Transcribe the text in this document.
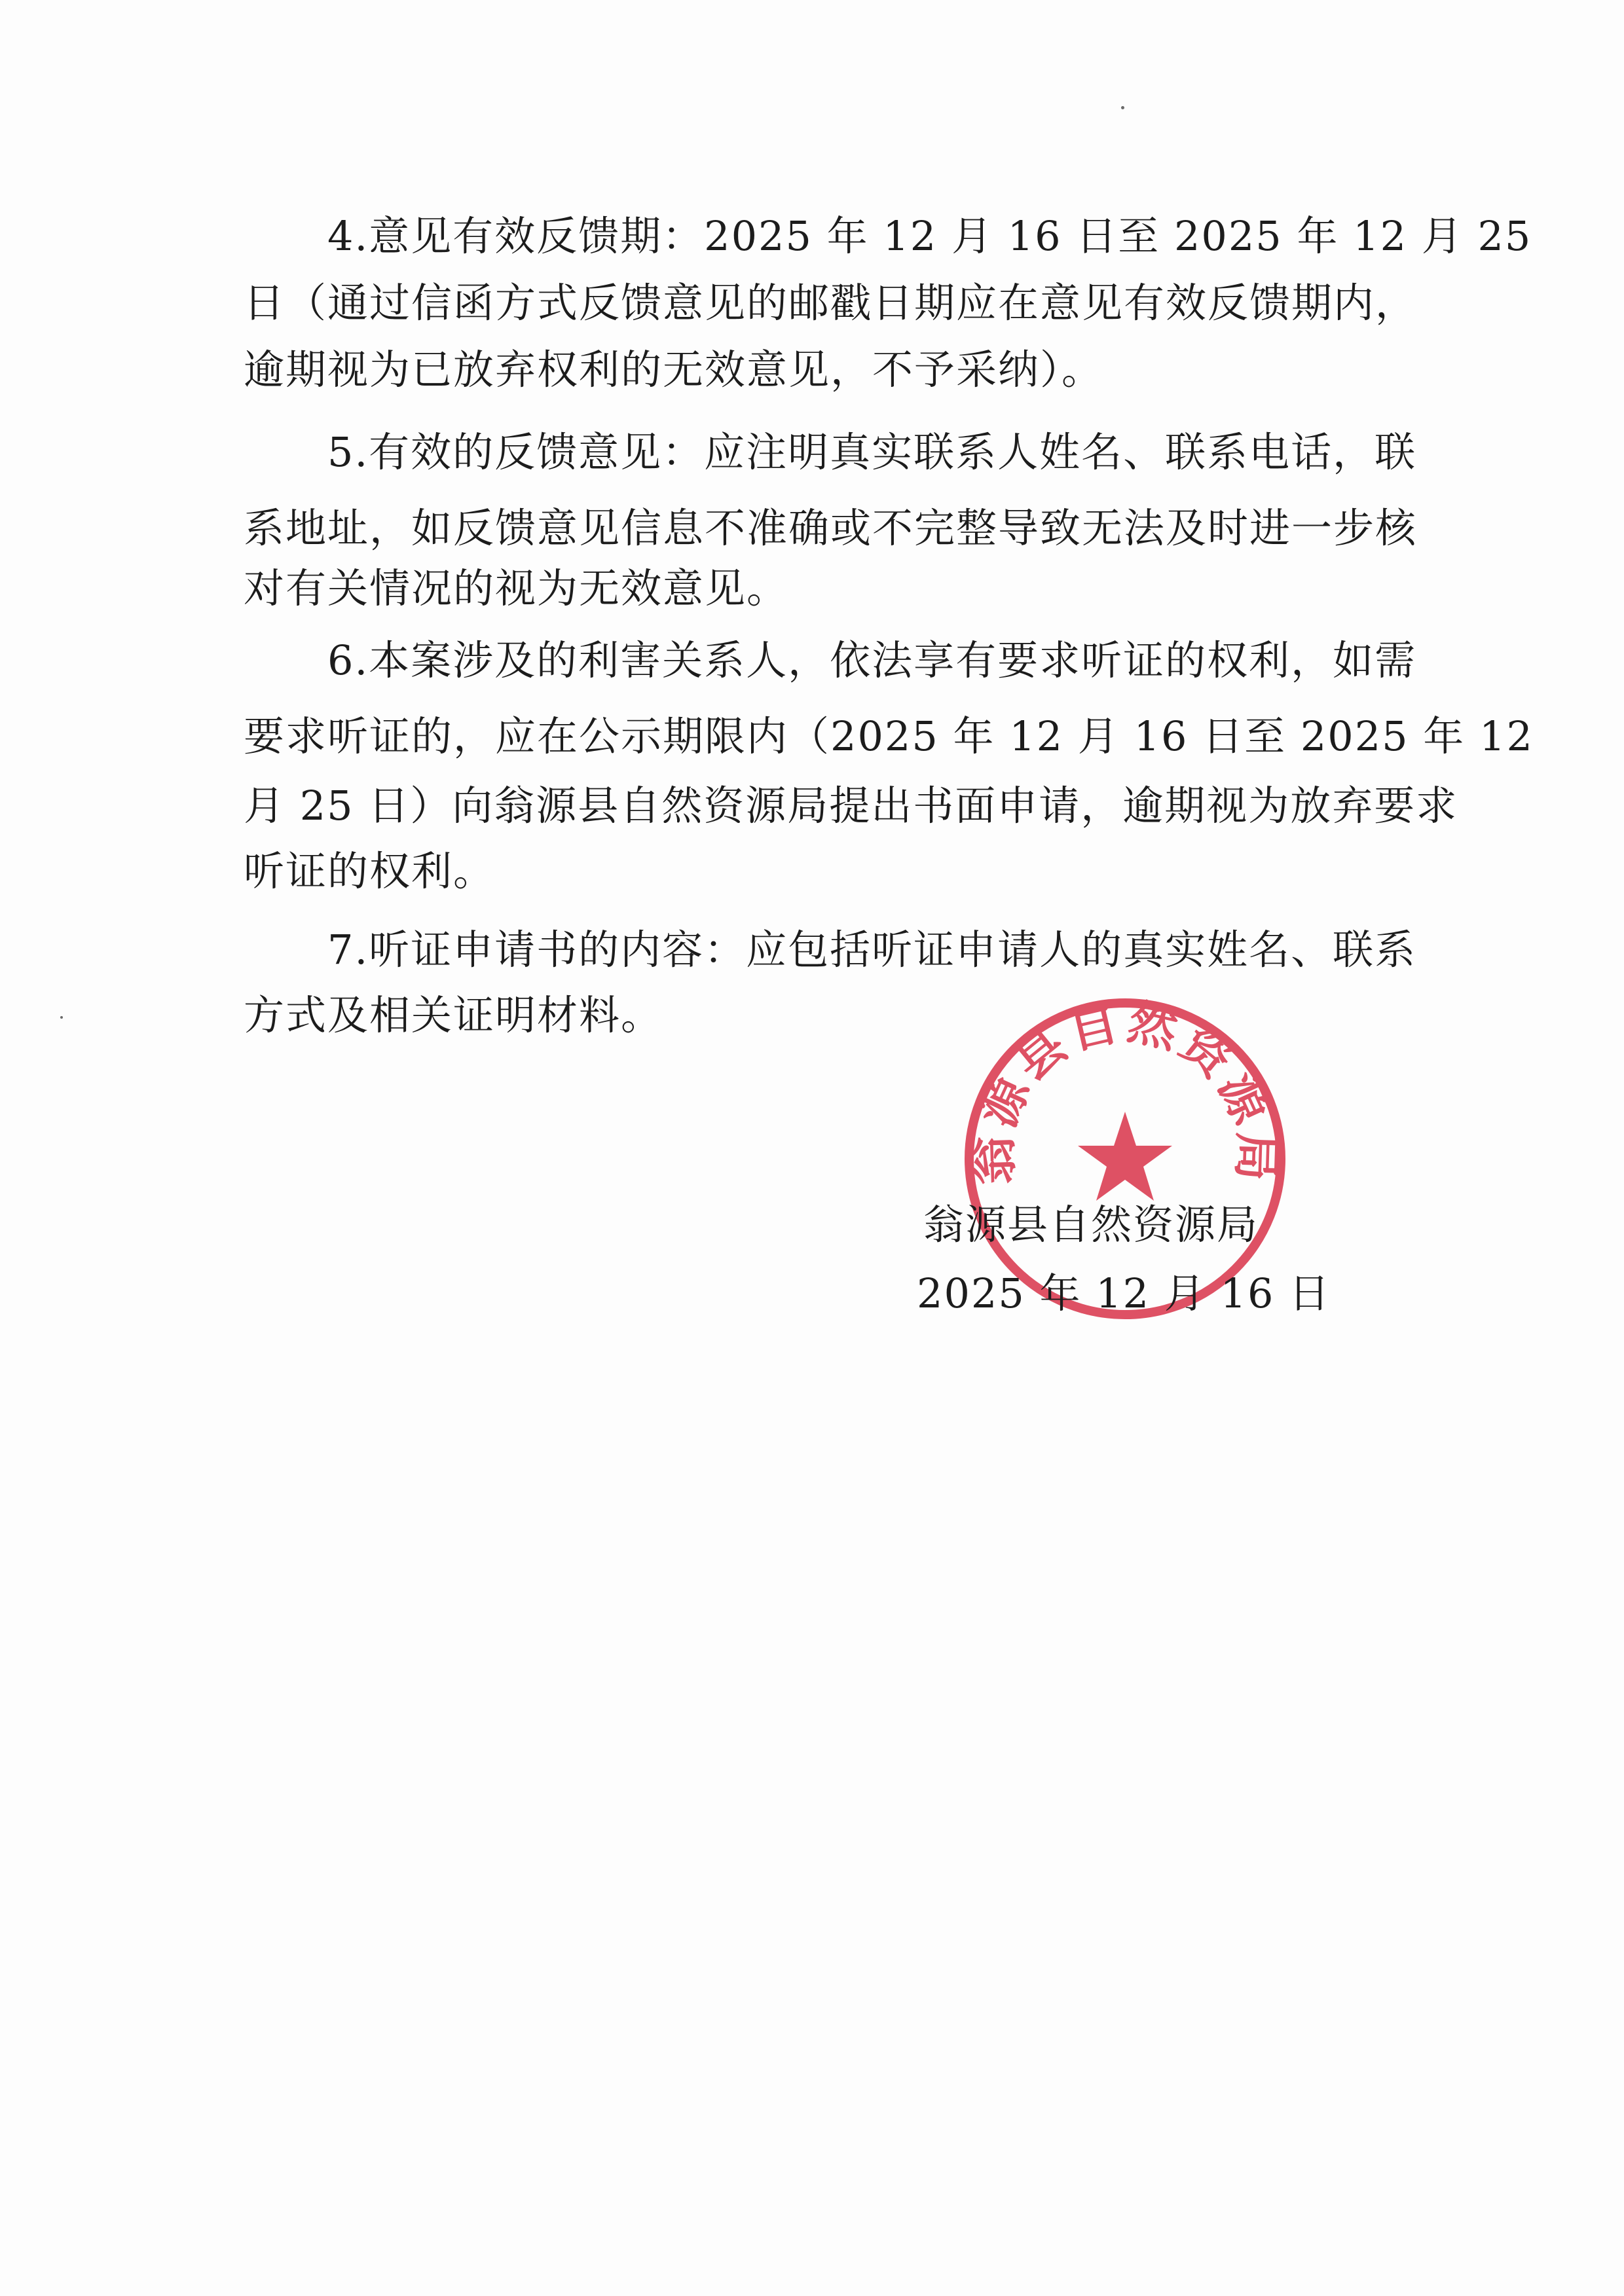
4.意见有效反馈期：2025 年 12 月 16 日至 2025 年 12 月 25
日（通过信函方式反馈意见的邮戳日期应在意见有效反馈期内，
逾期视为已放弃权利的无效意见，不予采纳）。
5.有效的反馈意见：应注明真实联系人姓名、联系电话，联
系地址，如反馈意见信息不准确或不完整导致无法及时进一步核
对有关情况的视为无效意见。
6.本案涉及的利害关系人，依法享有要求听证的权利，如需
要求听证的，应在公示期限内（2025 年 12 月 16 日至 2025 年 12
月 25 日）向翁源县自然资源局提出书面申请，逾期视为放弃要求
听证的权利。
7.听证申请书的内容：应包括听证申请人的真实姓名、联系
方式及相关证明材料。
翁源县自然资源局
翁源县自然资源局
2025 年 12 月 16 日
